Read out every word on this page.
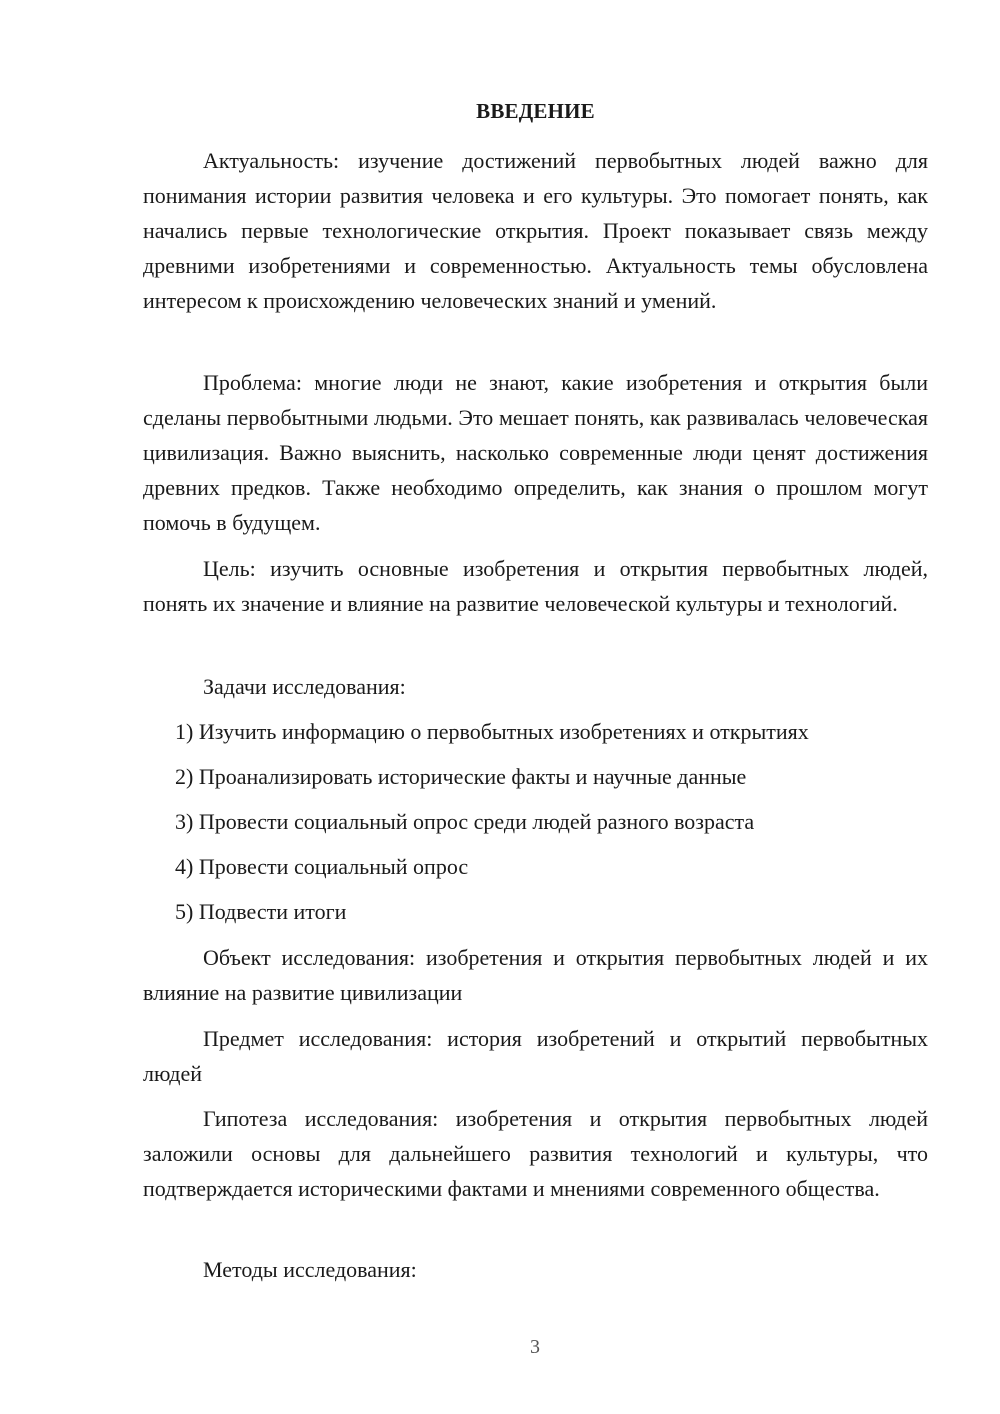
ВВЕДЕНИЕ

Актуальность: изучение достижений первобытных людей важно для понимания истории развития человека и его культуры. Это помогает понять, как начались первые технологические открытия. Проект показывает связь между древними изобретениями и современностью. Актуальность темы обусловлена интересом к происхождению человеческих знаний и умений.

Проблема: многие люди не знают, какие изобретения и открытия были сделаны первобытными людьми. Это мешает понять, как развивалась человеческая цивилизация. Важно выяснить, насколько современные люди ценят достижения древних предков. Также необходимо определить, как знания о прошлом могут помочь в будущем.

Цель: изучить основные изобретения и открытия первобытных людей, понять их значение и влияние на развитие человеческой культуры и технологий.

Задачи исследования:

1) Изучить информацию о первобытных изобретениях и открытиях

2) Проанализировать исторические факты и научные данные

3) Провести социальный опрос среди людей разного возраста

4) Провести социальный опрос

5) Подвести итоги

Объект исследования: изобретения и открытия первобытных людей и их влияние на развитие цивилизации

Предмет исследования: история изобретений и открытий первобытных людей

Гипотеза исследования: изобретения и открытия первобытных людей заложили основы для дальнейшего развития технологий и культуры, что подтверждается историческими фактами и мнениями современного общества.

Методы исследования:

3
